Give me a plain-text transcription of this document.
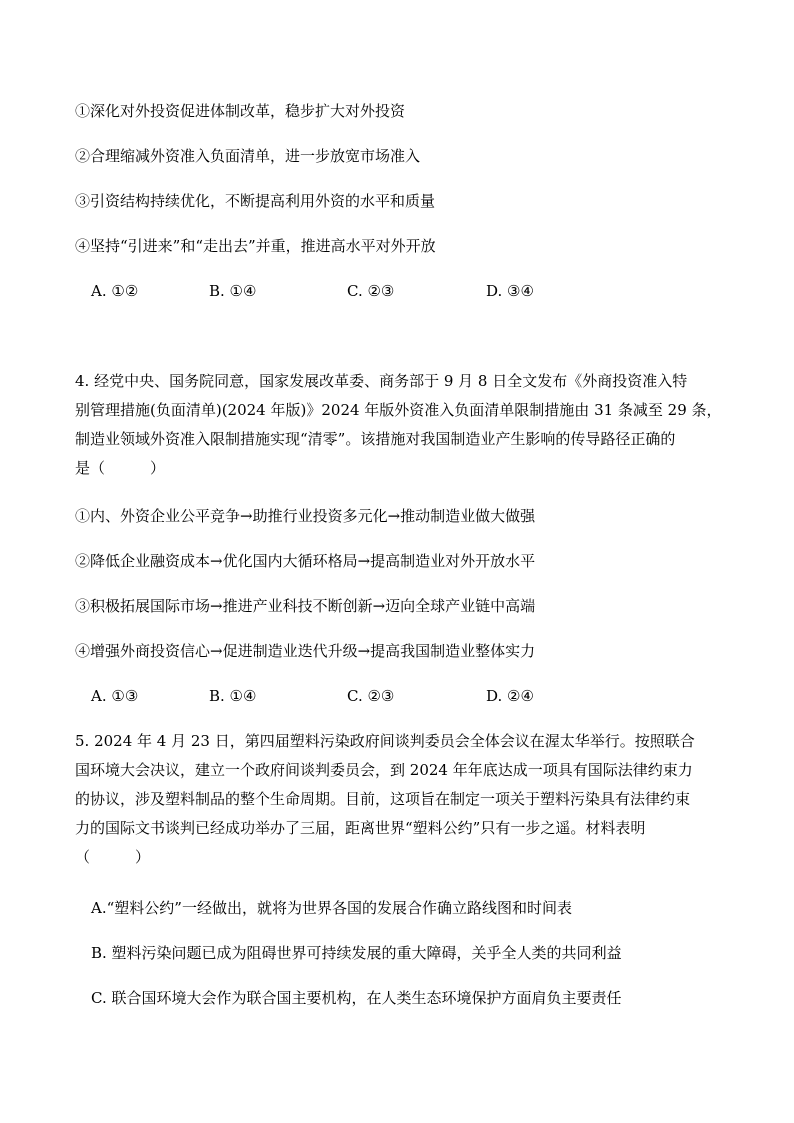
①深化对外投资促进体制改革，稳步扩大对外投资
②合理缩减外资准入负面清单，进一步放宽市场准入
③引资结构持续优化，不断提高利用外资的水平和质量
④坚持“引进来”和“走出去”并重，推进高水平对外开放
A. ①②	B. ①④	C. ②③	D. ③④
4. 经党中央、国务院同意，国家发展改革委、商务部于 9 月 8 日全文发布《外商投资准入特
别管理措施(负面清单)(2024 年版)》2024 年版外资准入负面清单限制措施由 31 条减至 29 条，
制造业领域外资准入限制措施实现“清零”。该措施对我国制造业产生影响的传导路径正确的
是（　　　）
①内、外资企业公平竞争→助推行业投资多元化→推动制造业做大做强
②降低企业融资成本→优化国内大循环格局→提高制造业对外开放水平
③积极拓展国际市场→推进产业科技不断创新→迈向全球产业链中高端
④增强外商投资信心→促进制造业迭代升级→提高我国制造业整体实力
A. ①③	B. ①④	C. ②③	D. ②④
5. 2024 年 4 月 23 日，第四届塑料污染政府间谈判委员会全体会议在渥太华举行。按照联合
国环境大会决议，建立一个政府间谈判委员会，到 2024 年年底达成一项具有国际法律约束力
的协议，涉及塑料制品的整个生命周期。目前，这项旨在制定一项关于塑料污染具有法律约束
力的国际文书谈判已经成功举办了三届，距离世界“塑料公约”只有一步之遥。材料表明
（　　　）
A.“塑料公约”一经做出，就将为世界各国的发展合作确立路线图和时间表
B. 塑料污染问题已成为阻碍世界可持续发展的重大障碍，关乎全人类的共同利益
C. 联合国环境大会作为联合国主要机构，在人类生态环境保护方面肩负主要责任
